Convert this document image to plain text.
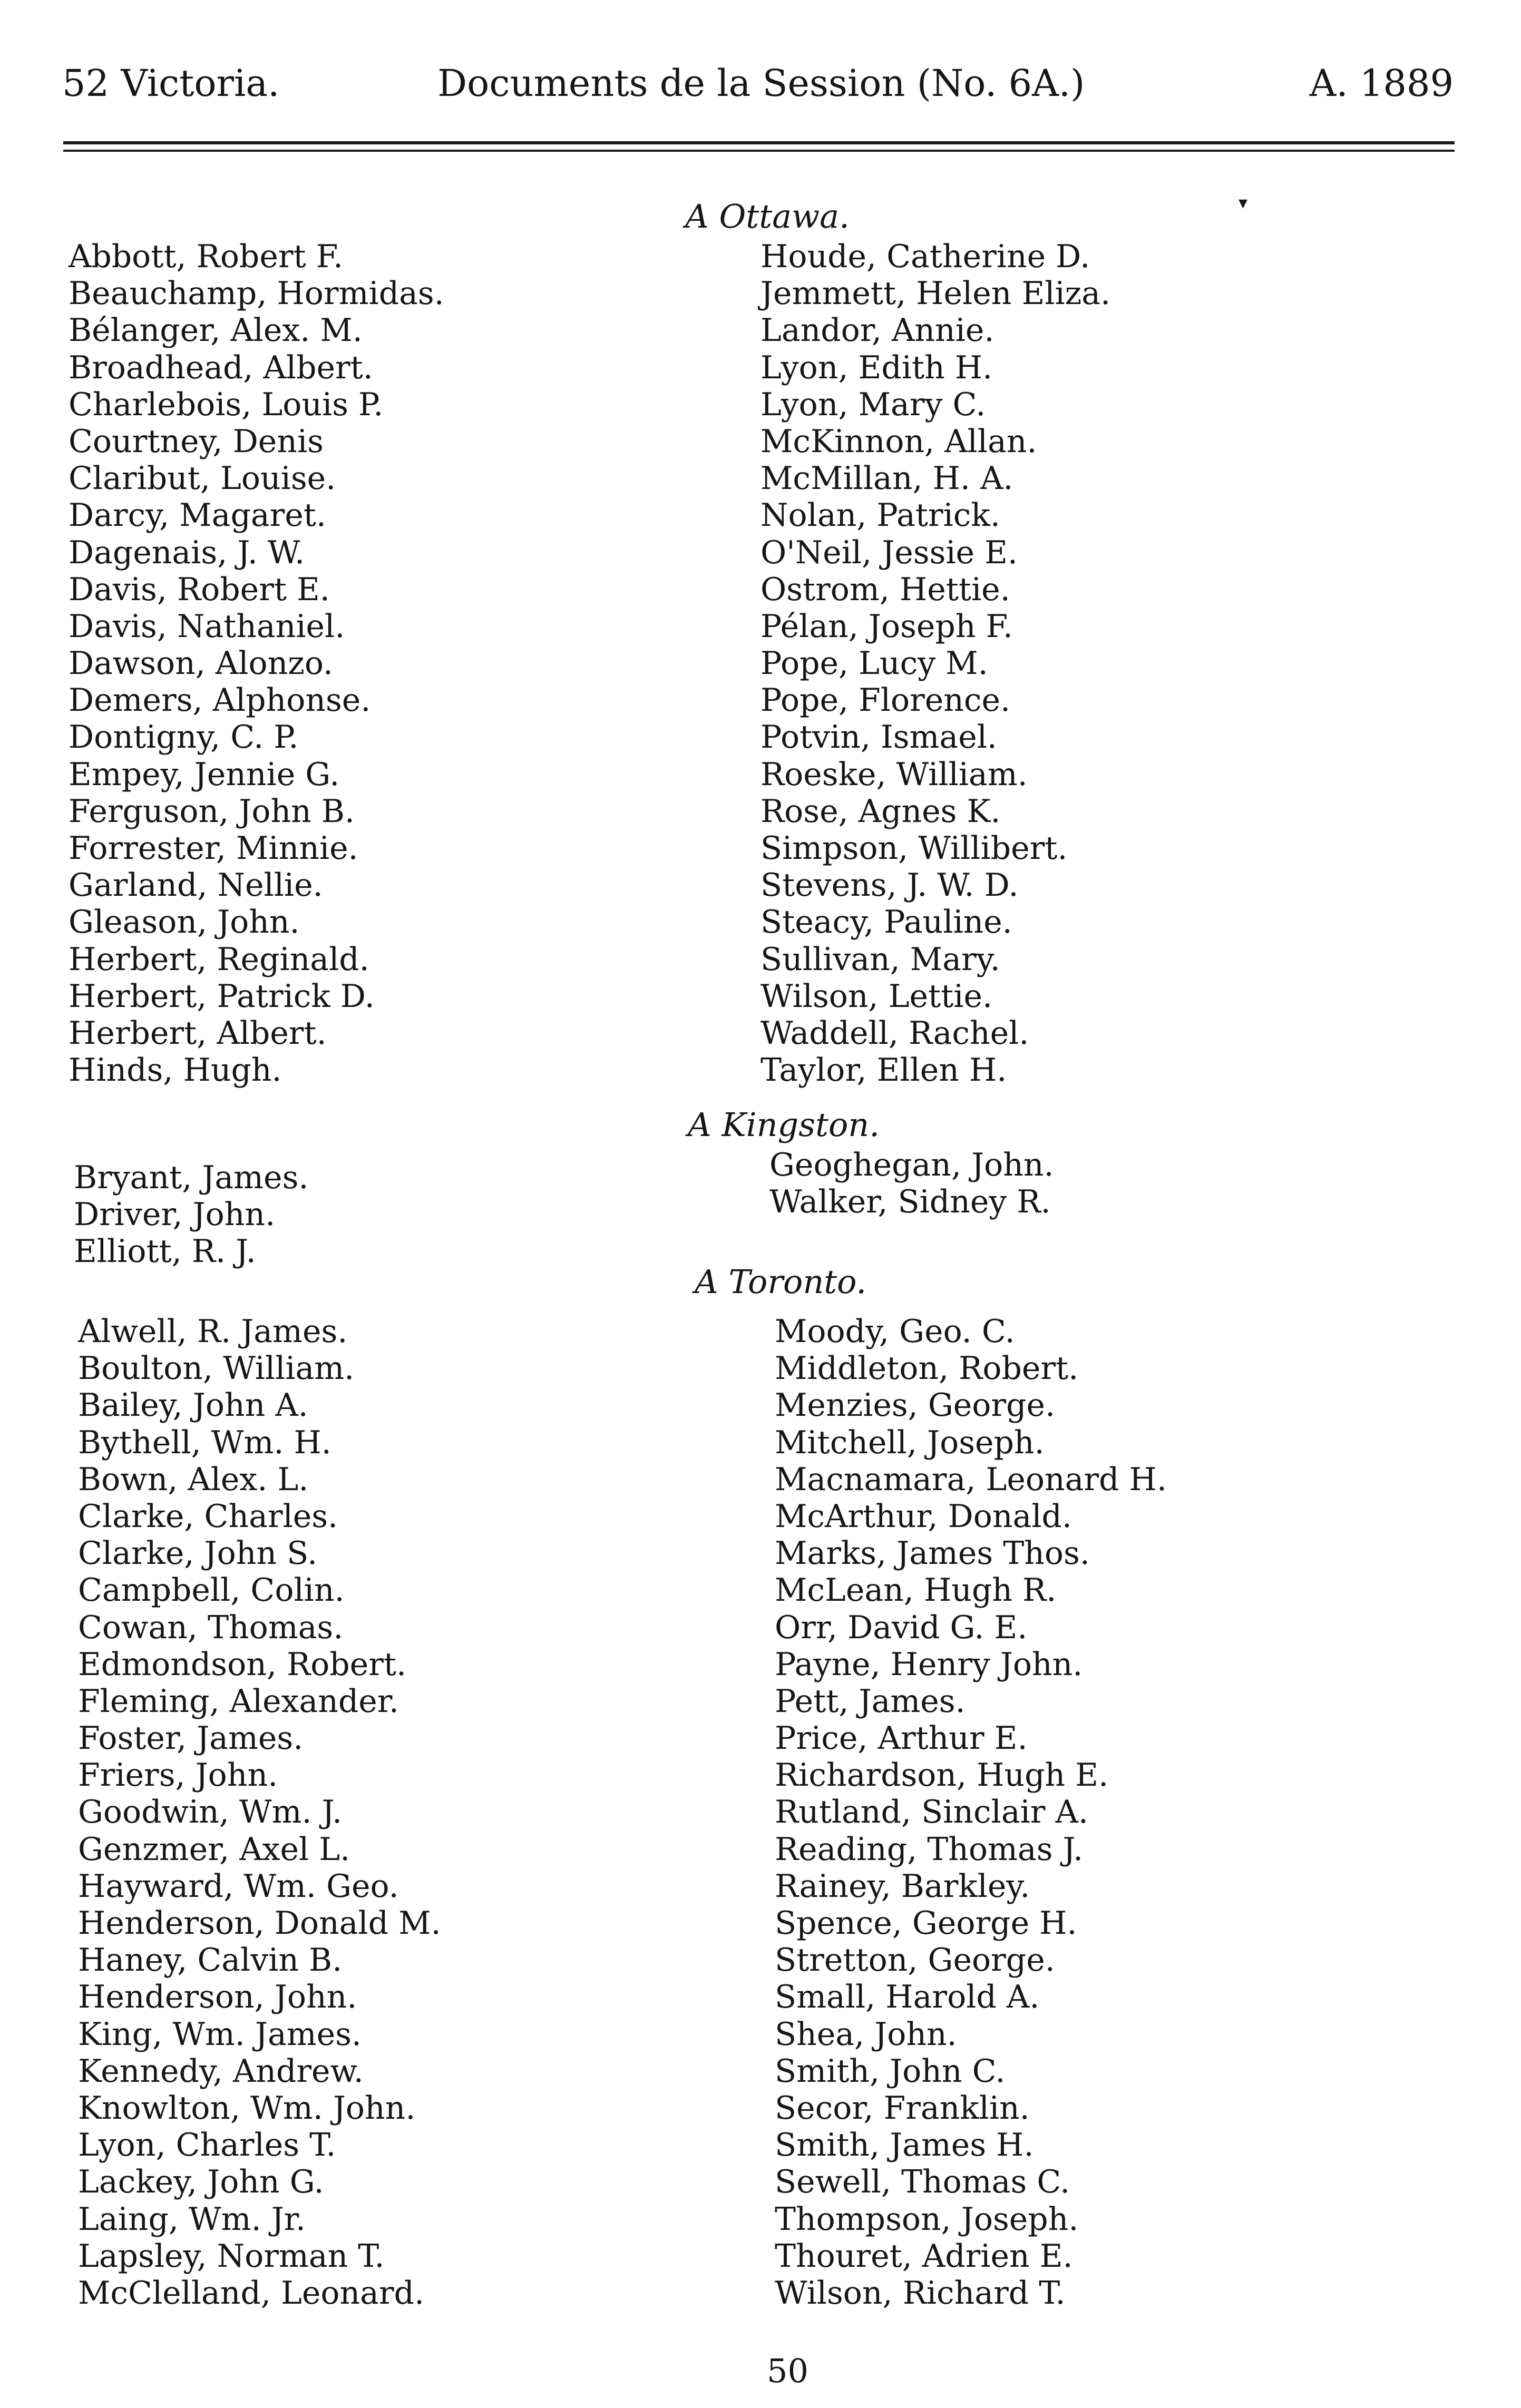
52 Victoria.	Documents de la Session (No. 6A.)	A. 1889
▾
Abbott, Robert F.
Beauchamp, Hormidas.
Bélanger, Alex. M.
Broadhead, Albert.
Charlebois, Louis P.
Courtney, Denis
Claribut, Louise.
Darcy, Magaret.
Dagenais, J. W.
Davis, Robert E.
Davis, Nathaniel.
Dawson, Alonzo.
Demers, Alphonse.
Dontigny, C. P.
Empey, Jennie G.
Ferguson, John B.
Forrester, Minnie.
Garland, Nellie.
Gleason, John.
Herbert, Reginald.
Herbert, Patrick D.
Herbert, Albert.
Hinds, Hugh.
Bryant, James.
Driver, John.
Elliott, R. J.
Alwell, R. James.
Boulton, William.
Bailey, John A.
Bythell, Wm. H.
Bown, Alex. L.
Clarke, Charles.
Clarke, John S.
Campbell, Colin.
Cowan, Thomas.
Edmondson, Robert.
Fleming, Alexander.
Foster, James.
Friers, John.
Goodwin, Wm. J.
Genzmer, Axel L.
Hayward, Wm. Geo.
Henderson, Donald M.
Haney, Calvin B.
Henderson, John.
King, Wm. James.
Kennedy, Andrew.
Knowlton, Wm. John.
Lyon, Charles T.
Lackey, John G.
Laing, Wm. Jr.
Lapsley, Norman T.
McClelland, Leonard.
A Ottawa.
Houde, Catherine D.
Jemmett, Helen Eliza.
Landor, Annie.
Lyon, Edith H.
Lyon, Mary C.
McKinnon, Allan.
McMillan, H. A.
Nolan, Patrick.
O'Neil, Jessie E.
Ostrom, Hettie.
Pélan, Joseph F.
Pope, Lucy M.
Pope, Florence.
Potvin, Ismael.
Roeske, William.
Rose, Agnes K.
Simpson, Willibert.
Stevens, J. W. D.
Steacy, Pauline.
Sullivan, Mary.
Wilson, Lettie.
Waddell, Rachel.
Taylor, Ellen H.
A Kingston.
Geoghegan, John.
Walker, Sidney R.
A Toronto.
Moody, Geo. C.
Middleton, Robert.
Menzies, George.
Mitchell, Joseph.
Macnamara, Leonard H.
McArthur, Donald.
Marks, James Thos.
McLean, Hugh R.
Orr, David G. E.
Payne, Henry John.
Pett, James.
Price, Arthur E.
Richardson, Hugh E.
Rutland, Sinclair A.
Reading, Thomas J.
Rainey, Barkley.
Spence, George H.
Stretton, George.
Small, Harold A.
Shea, John.
Smith, John C.
Secor, Franklin.
Smith, James H.
Sewell, Thomas C.
Thompson, Joseph.
Thouret, Adrien E.
Wilson, Richard T.
50
